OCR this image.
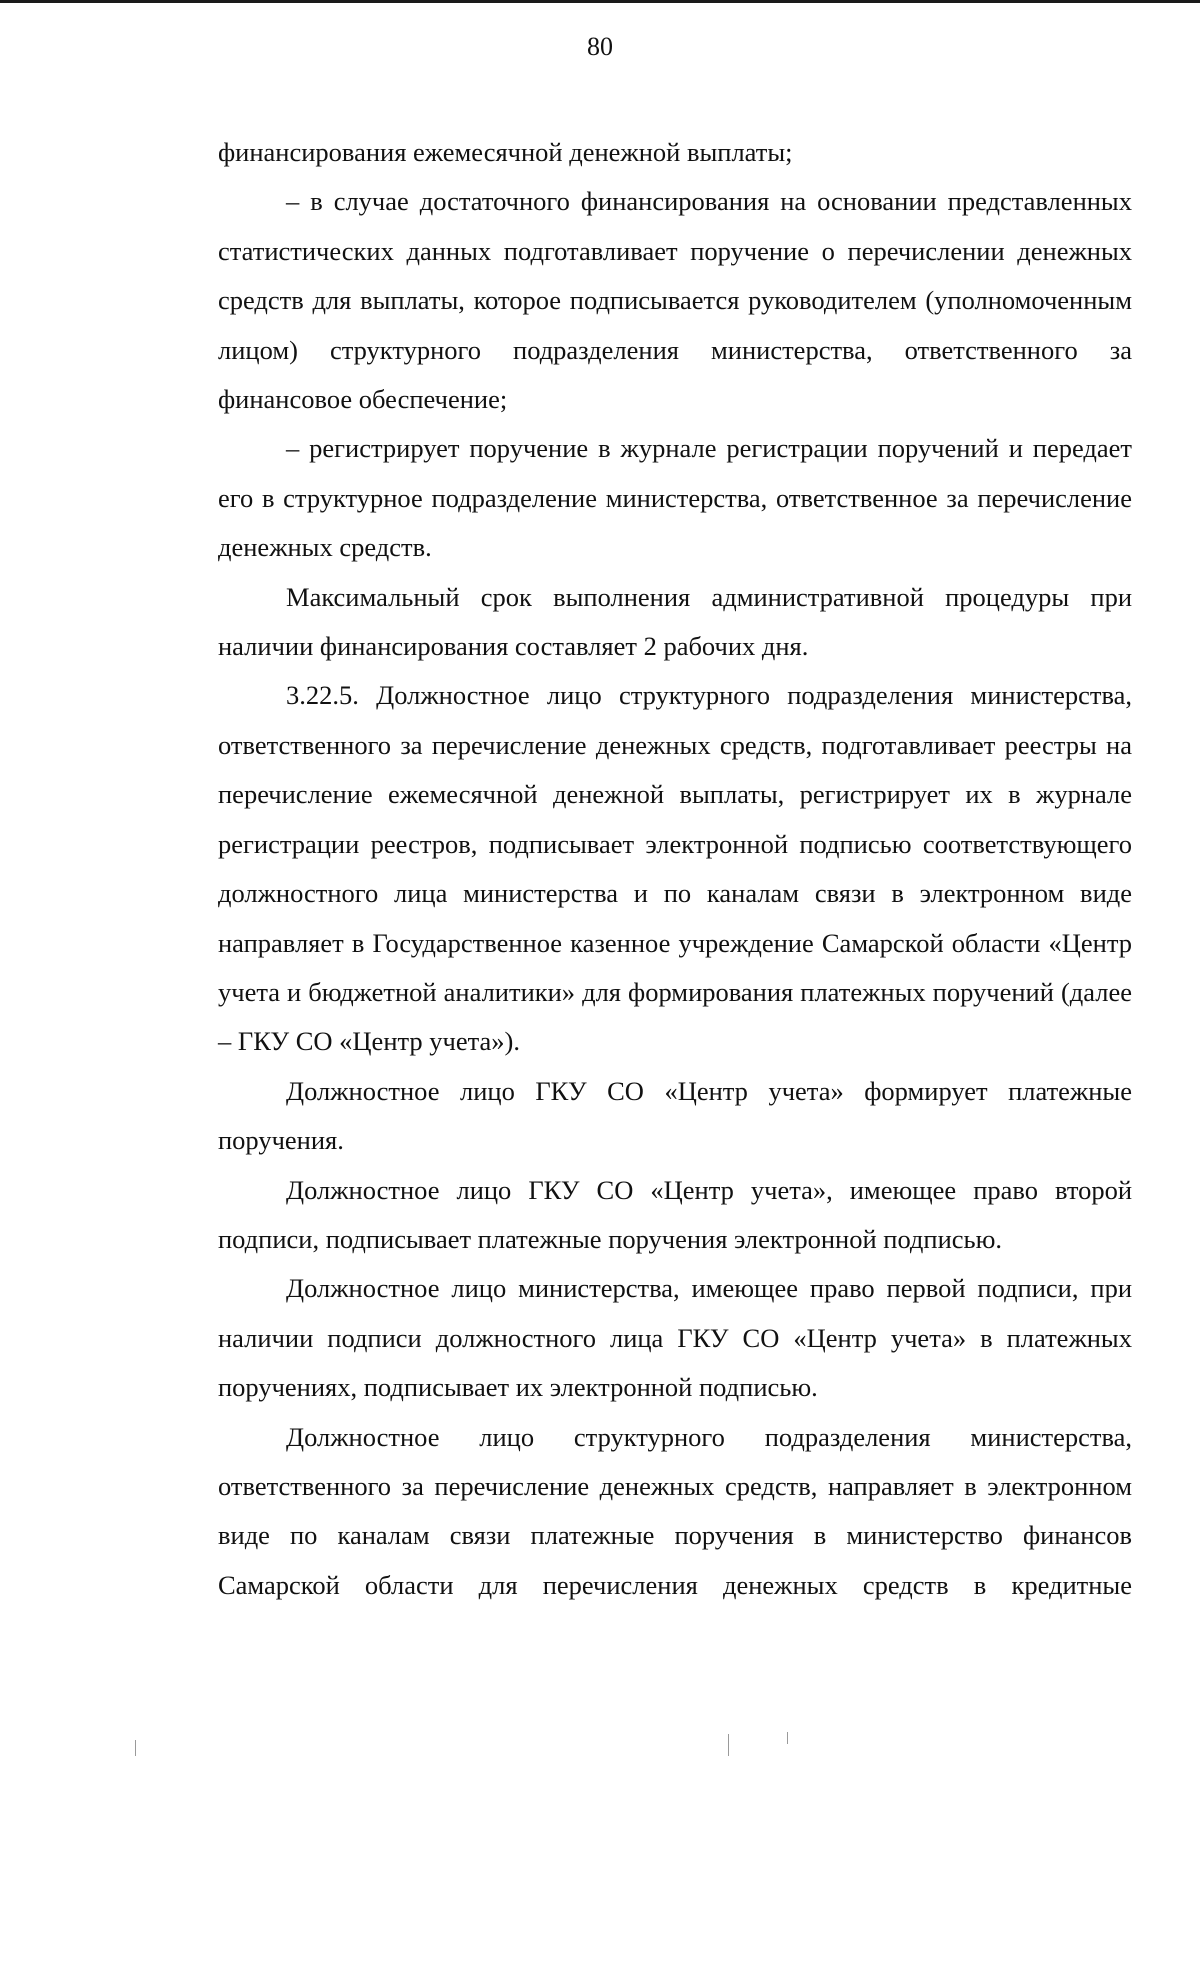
80

финансирования ежемесячной денежной выплаты;

– в случае достаточного финансирования на основании представленных статистических данных подготавливает поручение о перечислении денежных средств для выплаты, которое подписывается руководителем (уполномоченным лицом) структурного подразделения министерства, ответственного за финансовое обеспечение;

– регистрирует поручение в журнале регистрации поручений и передает его в структурное подразделение министерства, ответственное за перечисление денежных средств.

Максимальный срок выполнения административной процедуры при наличии финансирования составляет 2 рабочих дня.

3.22.5. Должностное лицо структурного подразделения министерства, ответственного за перечисление денежных средств, подготавливает реестры на перечисление ежемесячной денежной выплаты, регистрирует их в журнале регистрации реестров, подписывает электронной подписью соответствующего должностного лица министерства и по каналам связи в электронном виде направляет в Государственное казенное учреждение Самарской области «Центр учета и бюджетной аналитики» для формирования платежных поручений (далее – ГКУ СО «Центр учета»).

Должностное лицо ГКУ СО «Центр учета» формирует платежные поручения.

Должностное лицо ГКУ СО «Центр учета», имеющее право второй подписи, подписывает платежные поручения электронной подписью.

Должностное лицо министерства, имеющее право первой подписи, при наличии подписи должностного лица ГКУ СО «Центр учета» в платежных поручениях, подписывает их электронной подписью.

Должностное лицо структурного подразделения министерства, ответственного за перечисление денежных средств, направляет в электронном виде по каналам связи платежные поручения в министерство финансов Самарской области для перечисления денежных средств в кредитные
